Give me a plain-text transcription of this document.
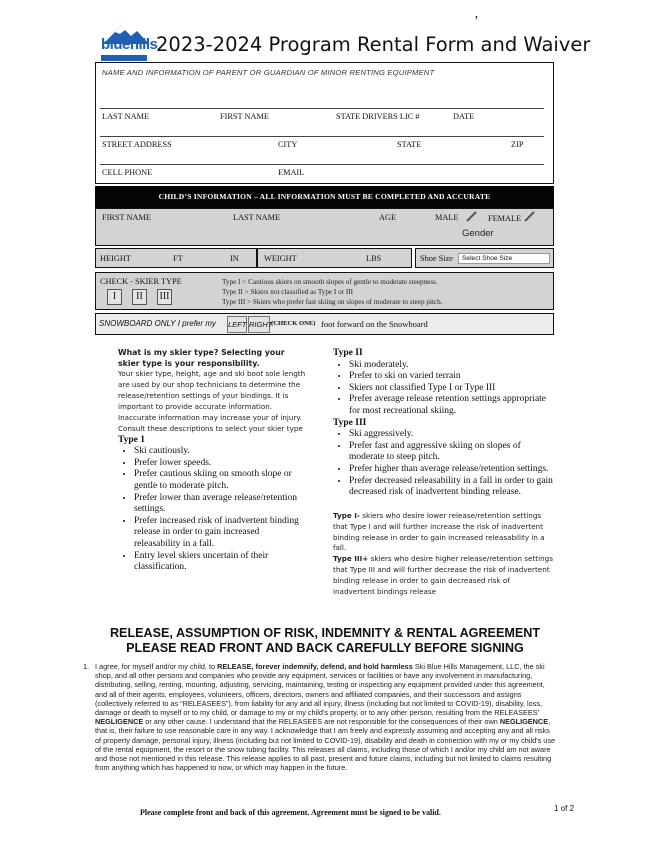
bluehills
2023-2024 Program Rental Form and Waiver
’
NAME AND INFORMATION OF PARENT OR GUARDIAN OF MINOR RENTING EQUIPMENT
LAST NAME	FIRST NAME	STATE DRIVERS LIC #	DATE
STREET ADDRESS	CITY	STATE	ZIP
CELL PHONE	EMAIL
CHILD’S INFORMATION – ALL INFORMATION MUST BE COMPLETED AND ACCURATE
FIRST NAME	LAST NAME	AGE	MALE	FEMALE
Gender
HEIGHT	FT	IN	WEIGHT	LBS	Shoe Size	Select Shoe Size
CHECK - SKIER TYPE
I	II	III
Type I > Cautious skiers on smooth slopes of gentle to moderate steepness.
Type II > Skiers not classified as Type I or III
Type III > Skiers who prefer fast skiing on slopes of moderate to steep pitch.
SNOWBOARD ONLY I prefer my LEFT RIGHT
(CHECK ONE) foot forward on the Snowboard
What is my skier type? Selecting your skier type is your responsibility.
Your skier type, height, age and ski boot sole length are used by our shop technicians to determine the release/retention settings of your bindings. It is important to provide accurate information. Inaccurate information may increase your of injury. Consult these descriptions to select your skier type
Type 1
• Ski cautiously.
• Prefer lower speeds.
• Prefer cautious skiing on smooth slope or gentle to moderate pitch.
• Prefer lower than average release/retention settings.
• Prefer increased risk of inadvertent binding release in order to gain increased releasability in a fall.
• Entry level skiers uncertain of their classification.
Type II
• Ski moderately.
• Prefer to ski on varied terrain
• Skiers not classified Type I or Type III
• Prefer average release retention settings appropriate for most recreational skiing.
Type III
• Ski aggressively.
• Prefer fast and aggressive skiing on slopes of moderate to steep pitch.
• Prefer higher than average release/retention settings.
• Prefer decreased releasability in a fall in order to gain decreased risk of inadvertent binding release.
Type I- skiers who desire lower release/retention settings that Type I and will further increase the risk of inadvertent binding release in order to gain increased releasability in a fall.
Type III+ skiers who desire higher release/retention settings that Type III and will further decrease the risk of inadvertent binding release in order to gain decreased risk of inadvertent bindings release
RELEASE, ASSUMPTION OF RISK, INDEMNITY & RENTAL AGREEMENT
PLEASE READ FRONT AND BACK CAREFULLY BEFORE SIGNING
1. I agree, for myself and/or my child, to RELEASE, forever indemnify, defend, and hold harmless Ski Blue Hills Management, LLC, the ski shop, and all other persons and companies who provide any equipment, services or facilities or have any involvement in manufacturing, distributing, selling, renting, mounting, adjusting, servicing, maintaining, testing or inspecting any equipment provided under this agreement, and all of their agents, employees, volunteers, officers, directors, owners and affiliated companies, and their successors and assigns (collectively referred to as “RELEASEES”), from liability for any and all injury, illness (including but not limited to COVID-19), disability, loss, damage or death to myself or to my child, or damage to my or my child’s property, or to any other person, resulting from the RELEASEES’ NEGLIGENCE or any other cause. I understand that the RELEASEES are not responsible for the consequences of their own NEGLIGENCE, that is, their failure to use reasonable care in any way. I acknowledge that I am freely and expressly assuming and accepting any and all risks of property damage, personal injury, illness (including but not limited to COVID-19), disability and death in connection with my or my child’s use of the rental equipment, the resort or the snow tubing facility. This releases all claims, including those of which I and/or my child am not aware and those not mentioned in this release. This release applies to all past, present and future claims, including but not limited to claims resulting from anything which has happened to now, or which may happen in the future.
Please complete front and back of this agreement. Agreement must be signed to be valid.	1 of 2
